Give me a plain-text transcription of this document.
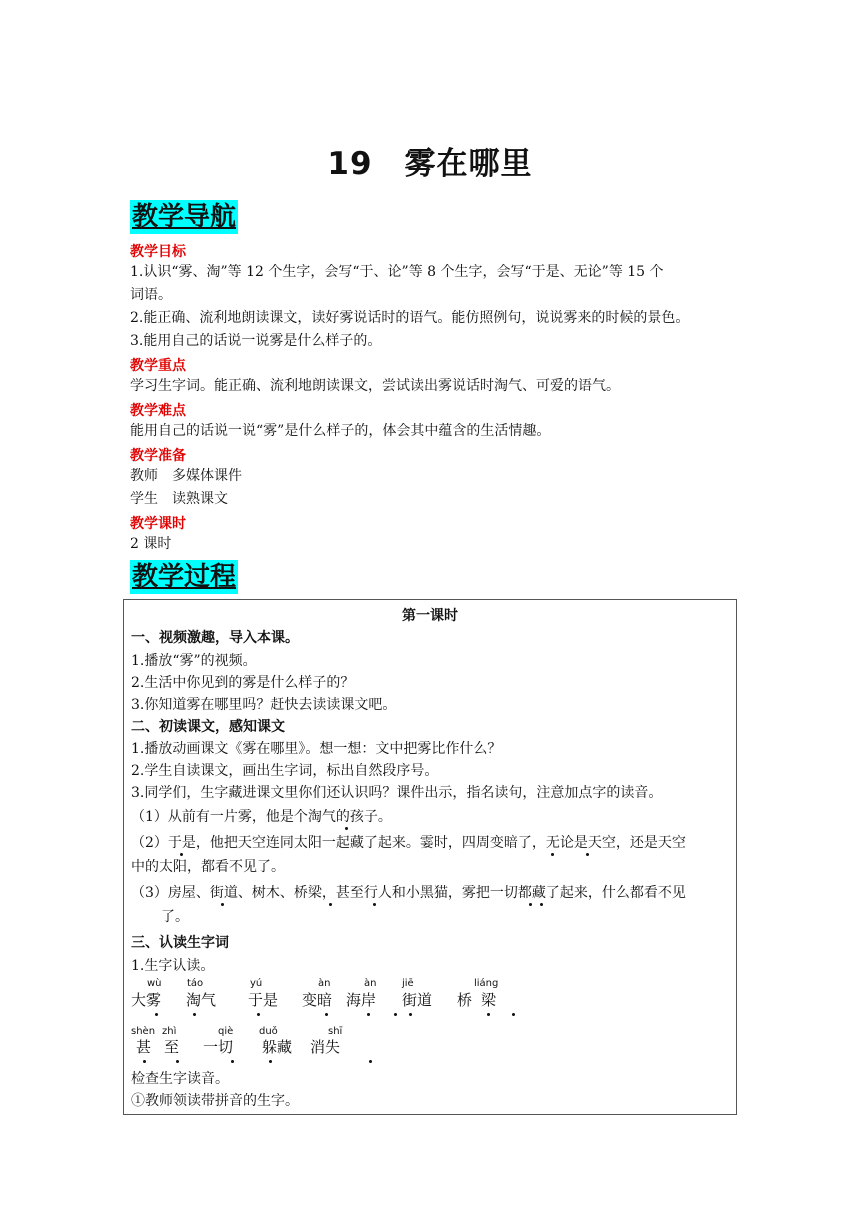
19　雾在哪里
教学导航
教学目标
1.认识“雾、淘”等 12 个生字，会写“于、论”等 8 个生字，会写“于是、无论”等 15 个
词语。
2.能正确、流利地朗读课文，读好雾说话时的语气。能仿照例句，说说雾来的时候的景色。
3.能用自己的话说一说雾是什么样子的。
教学重点
学习生字词。能正确、流利地朗读课文，尝试读出雾说话时淘气、可爱的语气。
教学难点
能用自己的话说一说“雾”是什么样子的，体会其中蕴含的生活情趣。
教学准备
教师　多媒体课件
学生　读熟课文
教学课时
2 课时
教学过程
第一课时
一、视频激趣，导入本课。
1.播放“雾”的视频。
2.生活中你见到的雾是什么样子的？
3.你知道雾在哪里吗？赶快去读读课文吧。
二、初读课文，感知课文
1.播放动画课文《雾在哪里》。想一想：文中把雾比作什么？
2.学生自读课文，画出生字词，标出自然段序号。
3.同学们，生字藏进课文里你们还认识吗？课件出示，指名读句，注意加点字的读音。
（1）从前有一片雾，他是个淘气的孩子。
（2）于是，他把天空连同太阳一起藏了起来。霎时，四周变暗了，无论是天空，还是天空
中的太阳，都看不见了。
（3）房屋、街道、树木、桥梁，甚至行人和小黑猫，雾把一切都藏了起来，什么都看不见
了。
三、认读生字词
1.生字认读。
wù	táo	yú	àn	àn	jiē	liáng
大雾 淘气 于是 变暗 海岸 街道 桥 梁
shèn zhì	qiè	duǒ	shī
甚 至 一切 躲藏 消失
检查生字读音。
①教师领读带拼音的生字。
